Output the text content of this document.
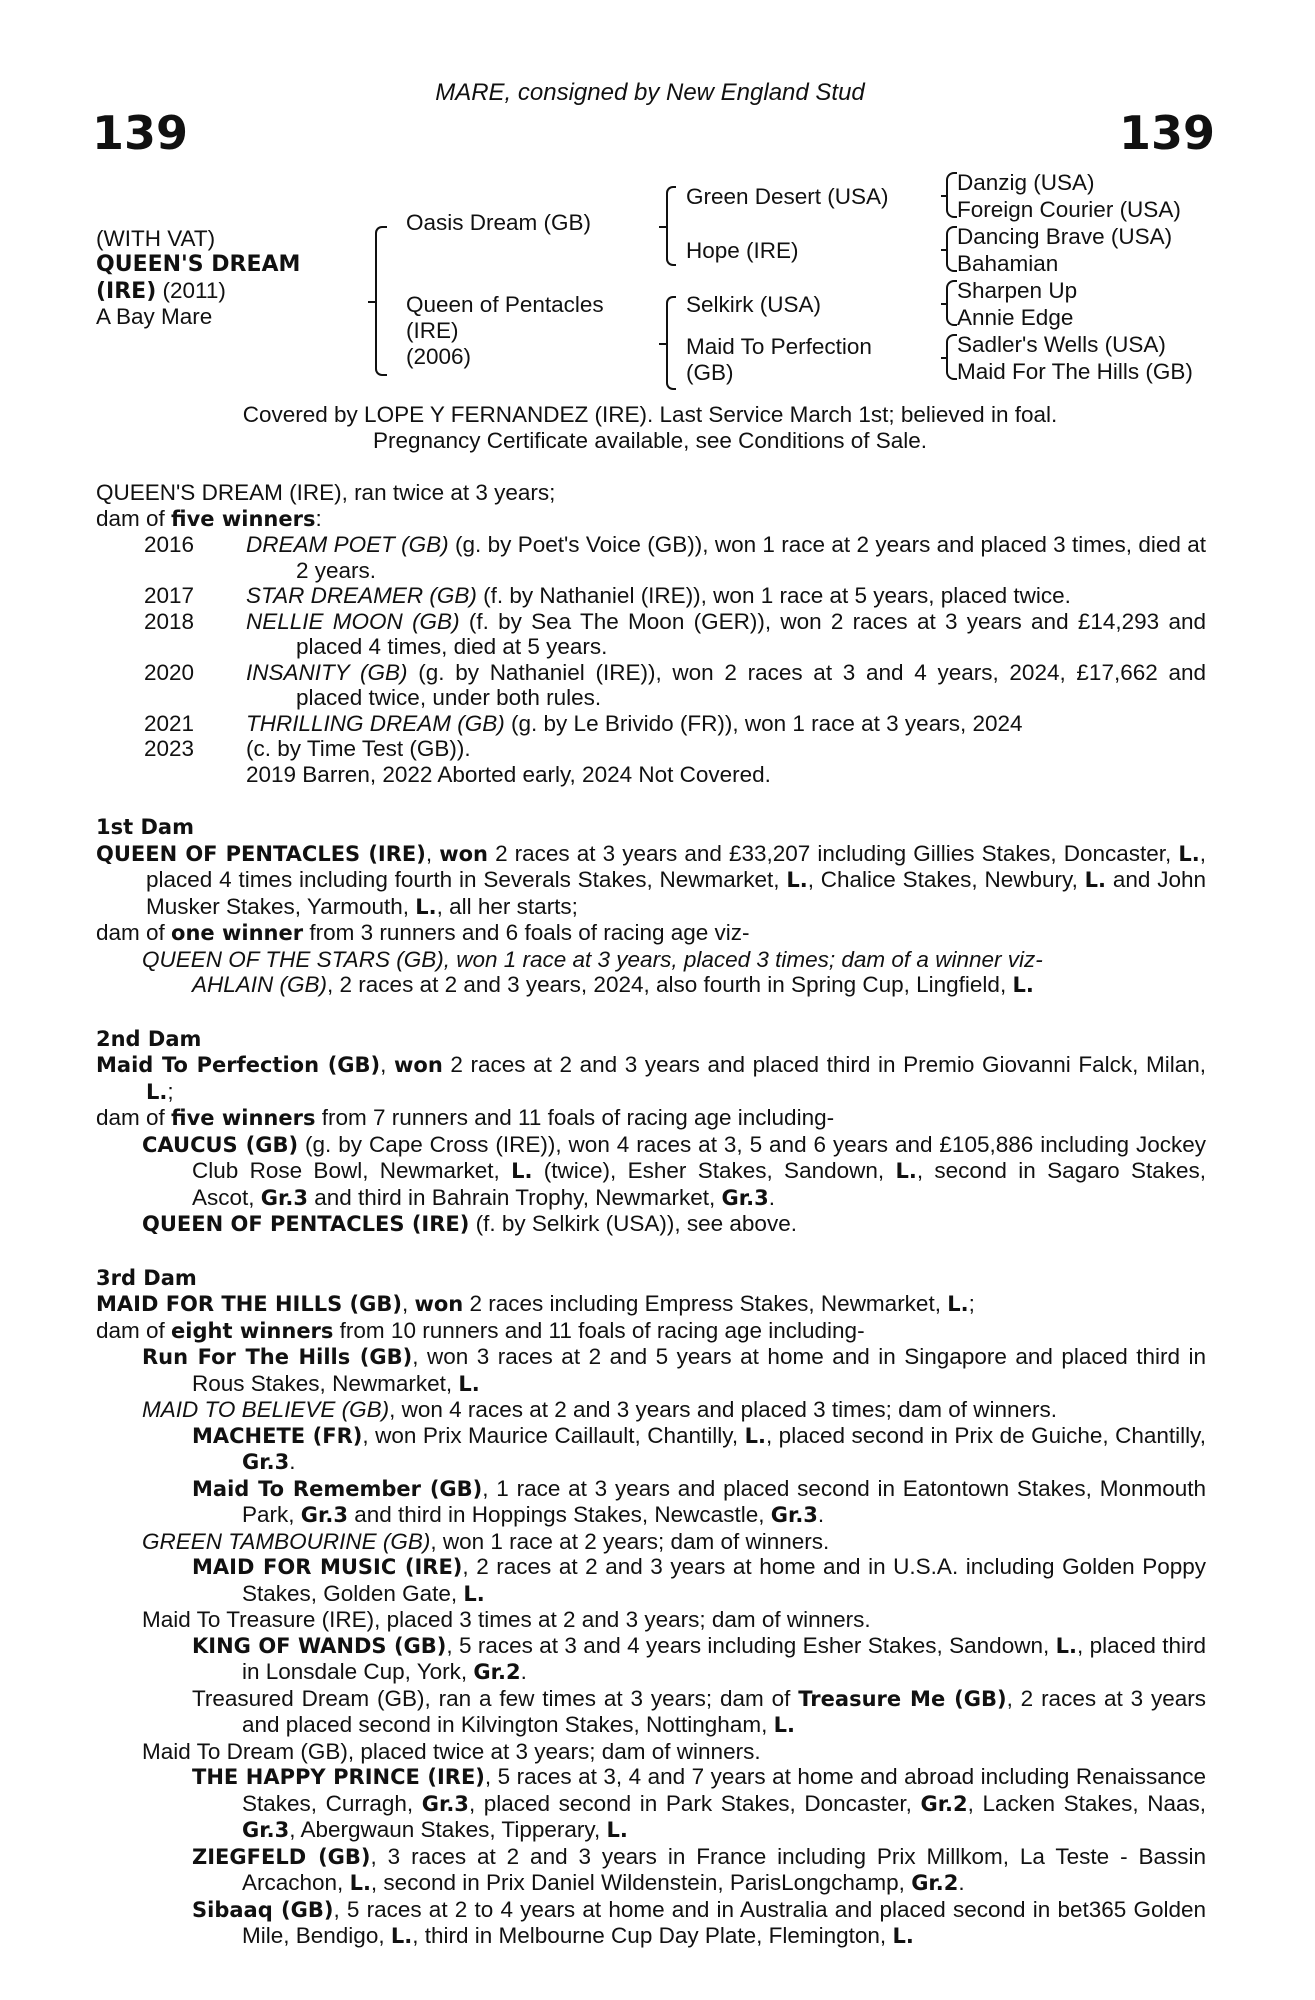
MARE, consigned by New England Stud
139	139
(WITH VAT)
QUEEN'S DREAM
(IRE) (2011)
A Bay Mare
Oasis Dream (GB)
Queen of Pentacles
(IRE)
(2006)
Green Desert (USA)
Hope (IRE)
Selkirk (USA)
Maid To Perfection
(GB)
Danzig (USA)
Foreign Courier (USA)
Dancing Brave (USA)
Bahamian
Sharpen Up
Annie Edge
Sadler's Wells (USA)
Maid For The Hills (GB)
Covered by LOPE Y FERNANDEZ (IRE). Last Service March 1st; believed in foal.
Pregnancy Certificate available, see Conditions of Sale.

QUEEN'S DREAM (IRE), ran twice at 3 years;

dam of five winners:

2016	DREAM POET (GB) (g. by Poet's Voice (GB)), won 1 race at 2 years and placed 3 times, died at 2 years.
2017	STAR DREAMER (GB) (f. by Nathaniel (IRE)), won 1 race at 5 years, placed twice.
2018	NELLIE MOON (GB) (f. by Sea The Moon (GER)), won 2 races at 3 years and £14,293 and placed 4 times, died at 5 years.
2020	INSANITY (GB) (g. by Nathaniel (IRE)), won 2 races at 3 and 4 years, 2024, £17,662 and placed twice, under both rules.
2021	THRILLING DREAM (GB) (g. by Le Brivido (FR)), won 1 race at 3 years, 2024
2023	(c. by Time Test (GB)).
2019 Barren, 2022 Aborted early, 2024 Not Covered.

1st Dam

QUEEN OF PENTACLES (IRE), won 2 races at 3 years and £33,207 including Gillies Stakes, Doncaster, L., placed 4 times including fourth in Severals Stakes, Newmarket, L., Chalice Stakes, Newbury, L. and John Musker Stakes, Yarmouth, L., all her starts;

dam of one winner from 3 runners and 6 foals of racing age viz-

QUEEN OF THE STARS (GB), won 1 race at 3 years, placed 3 times; dam of a winner viz-

AHLAIN (GB), 2 races at 2 and 3 years, 2024, also fourth in Spring Cup, Lingfield, L.

2nd Dam

Maid To Perfection (GB), won 2 races at 2 and 3 years and placed third in Premio Giovanni Falck, Milan, L.;

dam of five winners from 7 runners and 11 foals of racing age including-

CAUCUS (GB) (g. by Cape Cross (IRE)), won 4 races at 3, 5 and 6 years and £105,886 including Jockey Club Rose Bowl, Newmarket, L. (twice), Esher Stakes, Sandown, L., second in Sagaro Stakes, Ascot, Gr.3 and third in Bahrain Trophy, Newmarket, Gr.3.

QUEEN OF PENTACLES (IRE) (f. by Selkirk (USA)), see above.

3rd Dam

MAID FOR THE HILLS (GB), won 2 races including Empress Stakes, Newmarket, L.;

dam of eight winners from 10 runners and 11 foals of racing age including-

Run For The Hills (GB), won 3 races at 2 and 5 years at home and in Singapore and placed third in Rous Stakes, Newmarket, L.

MAID TO BELIEVE (GB), won 4 races at 2 and 3 years and placed 3 times; dam of winners.

MACHETE (FR), won Prix Maurice Caillault, Chantilly, L., placed second in Prix de Guiche, Chantilly, Gr.3.

Maid To Remember (GB), 1 race at 3 years and placed second in Eatontown Stakes, Monmouth Park, Gr.3 and third in Hoppings Stakes, Newcastle, Gr.3.

GREEN TAMBOURINE (GB), won 1 race at 2 years; dam of winners.

MAID FOR MUSIC (IRE), 2 races at 2 and 3 years at home and in U.S.A. including Golden Poppy Stakes, Golden Gate, L.

Maid To Treasure (IRE), placed 3 times at 2 and 3 years; dam of winners.

KING OF WANDS (GB), 5 races at 3 and 4 years including Esher Stakes, Sandown, L., placed third in Lonsdale Cup, York, Gr.2.

Treasured Dream (GB), ran a few times at 3 years; dam of Treasure Me (GB), 2 races at 3 years and placed second in Kilvington Stakes, Nottingham, L.

Maid To Dream (GB), placed twice at 3 years; dam of winners.

THE HAPPY PRINCE (IRE), 5 races at 3, 4 and 7 years at home and abroad including Renaissance Stakes, Curragh, Gr.3, placed second in Park Stakes, Doncaster, Gr.2, Lacken Stakes, Naas, Gr.3, Abergwaun Stakes, Tipperary, L.

ZIEGFELD (GB), 3 races at 2 and 3 years in France including Prix Millkom, La Teste - Bassin Arcachon, L., second in Prix Daniel Wildenstein, ParisLongchamp, Gr.2.

Sibaaq (GB), 5 races at 2 to 4 years at home and in Australia and placed second in bet365 Golden Mile, Bendigo, L., third in Melbourne Cup Day Plate, Flemington, L.
